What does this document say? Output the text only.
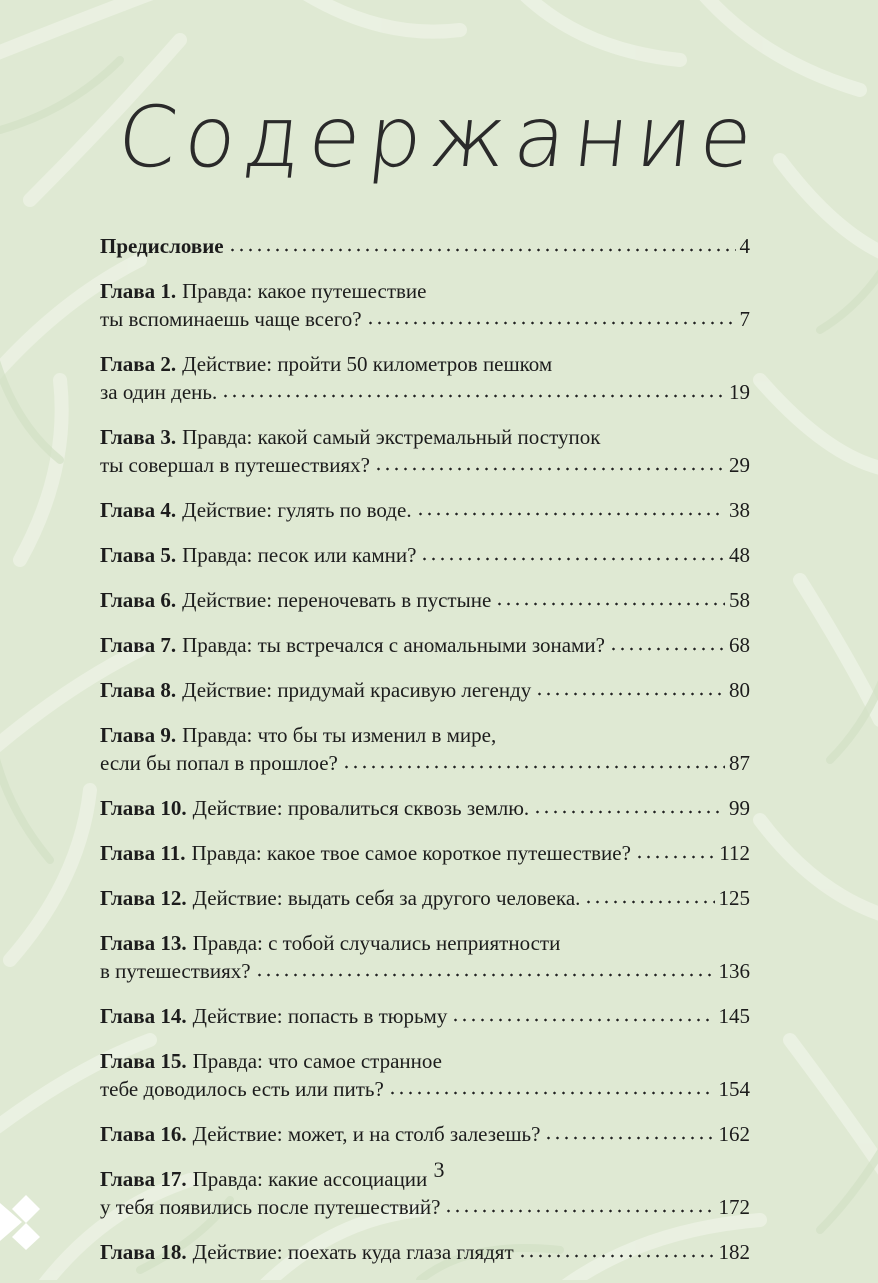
Содержание
Предисловие	4
Глава 1. Правда: какое путешествие
ты вспоминаешь чаще всего?	7
Глава 2. Действие: пройти 50 километров пешком
за один день.	19
Глава 3. Правда: какой самый экстремальный поступок
ты совершал в путешествиях?	29
Глава 4. Действие: гулять по воде.	38
Глава 5. Правда: песок или камни?	48
Глава 6. Действие: переночевать в пустыне	58
Глава 7. Правда: ты встречался с аномальными зонами?	68
Глава 8. Действие: придумай красивую легенду	80
Глава 9. Правда: что бы ты изменил в мире,
если бы попал в прошлое?	87
Глава 10. Действие: провалиться сквозь землю.	99
Глава 11. Правда: какое твое самое короткое путешествие?	112
Глава 12. Действие: выдать себя за другого человека.	125
Глава 13. Правда: с тобой случались неприятности
в путешествиях?	136
Глава 14. Действие: попасть в тюрьму	145
Глава 15. Правда: что самое странное
тебе доводилось есть или пить?	154
Глава 16. Действие: может, и на столб залезешь?	162
Глава 17. Правда: какие ассоциации
у тебя появились после путешествий?	172
Глава 18. Действие: поехать куда глаза глядят	182
3
